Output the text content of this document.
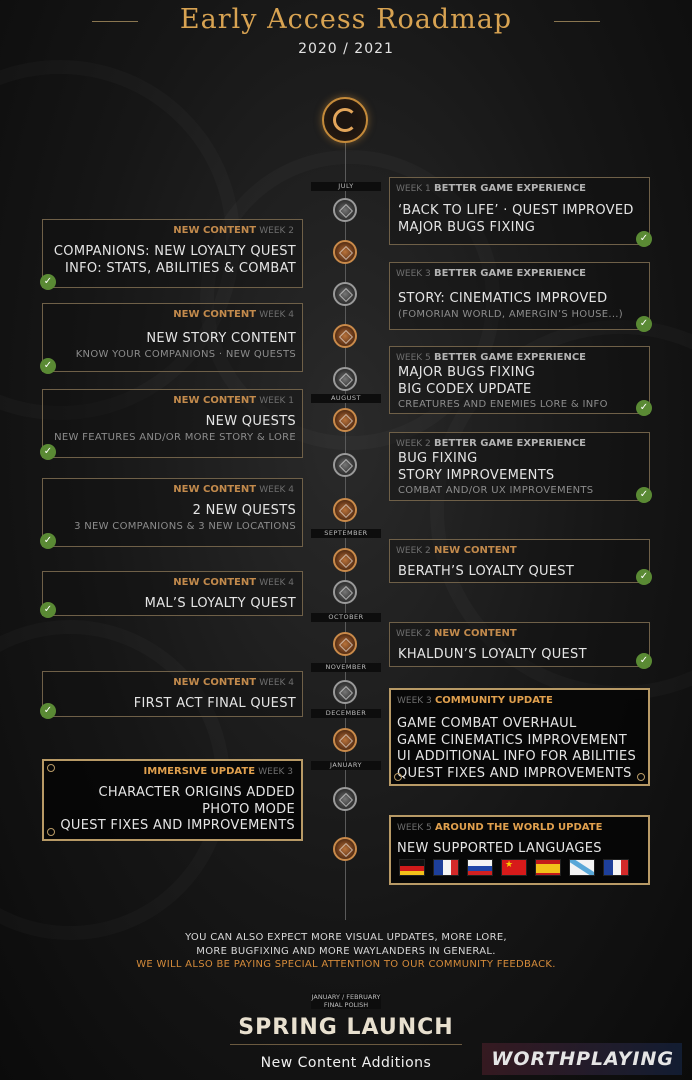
Early Access Roadmap
2020 / 2021
JULY
AUGUST
SEPTEMBER
OCTOBER
NOVEMBER
DECEMBER
JANUARY
WEEK 1 BETTER GAME EXPERIENCE
‘BACK TO LIFE’ · QUEST IMPROVED
MAJOR BUGS FIXING
✓
WEEK 3 BETTER GAME EXPERIENCE
STORY: CINEMATICS IMPROVED
(FOMORIAN WORLD, AMERGIN’S HOUSE...)
✓
WEEK 5 BETTER GAME EXPERIENCE
MAJOR BUGS FIXING
BIG CODEX UPDATE
CREATURES AND ENEMIES LORE & INFO	✓
WEEK 2 BETTER GAME EXPERIENCE
BUG FIXING
STORY IMPROVEMENTS
COMBAT AND/OR UX IMPROVEMENTS	✓
WEEK 2 NEW CONTENT
BERATH’S LOYALTY QUEST	✓
WEEK 2 NEW CONTENT
KHALDUN’S LOYALTY QUEST	✓
WEEK 3 COMMUNITY UPDATE
GAME COMBAT OVERHAUL
GAME CINEMATICS IMPROVEMENT
UI ADDITIONAL INFO FOR ABILITIES
QUEST FIXES AND IMPROVEMENTS
WEEK 5 AROUND THE WORLD UPDATE
NEW SUPPORTED LANGUAGES
★
NEW CONTENT WEEK 2
COMPANIONS: NEW LOYALTY QUEST
INFO: STATS, ABILITIES & COMBAT
✓
NEW CONTENT WEEK 4
NEW STORY CONTENT
KNOW YOUR COMPANIONS · NEW QUESTS
✓
NEW CONTENT WEEK 1
NEW QUESTS
NEW FEATURES AND/OR MORE STORY & LORE
✓
NEW CONTENT WEEK 4
2 NEW QUESTS
3 NEW COMPANIONS & 3 NEW LOCATIONS
✓
NEW CONTENT WEEK 4
MAL’S LOYALTY QUEST
✓
NEW CONTENT WEEK 4
FIRST ACT FINAL QUEST
✓
IMMERSIVE UPDATE WEEK 3
CHARACTER ORIGINS ADDED
PHOTO MODE
QUEST FIXES AND IMPROVEMENTS
YOU CAN ALSO EXPECT MORE VISUAL UPDATES, MORE LORE,
MORE BUGFIXING AND MORE WAYLANDERS IN GENERAL.
WE WILL ALSO BE PAYING SPECIAL ATTENTION TO OUR COMMUNITY FEEDBACK.
JANUARY / FEBRUARY
FINAL POLISH
SPRING LAUNCH
New Content Additions	WORTHPLAYING
